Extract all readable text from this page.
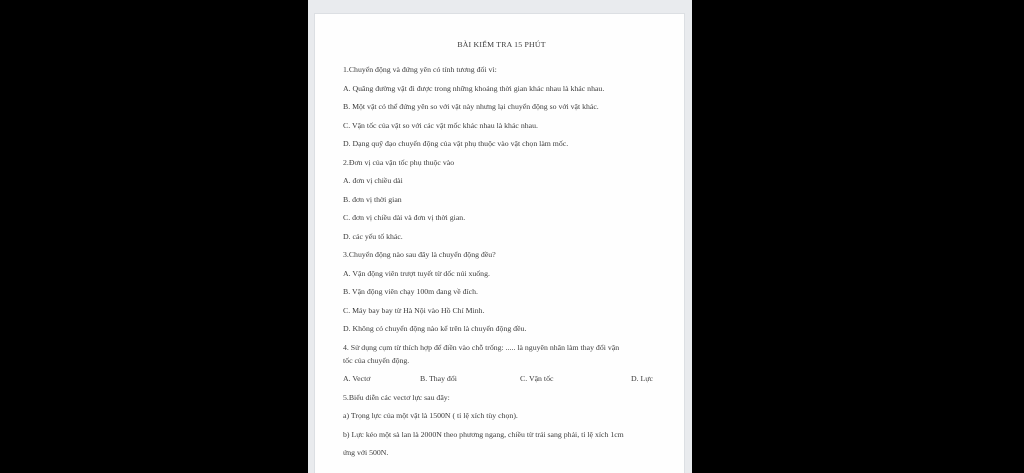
BÀI KIỂM TRA 15 PHÚT
1.Chuyển động và đứng yên có tính tương đối vì:
A. Quãng đường vật đi được trong những khoảng thời gian khác nhau là khác nhau.
B. Một vật có thể đứng yên so với vật này nhưng lại chuyển động so với vật khác.
C. Vận tốc của vật so với các vật mốc khác nhau là khác nhau.
D. Dạng quỹ đạo chuyển động của vật phụ thuộc vào vật chọn làm mốc.
2.Đơn vị của vận tốc phụ thuộc vào
A. đơn vị chiều dài
B. đơn vị thời gian
C. đơn vị chiều dài và đơn vị thời gian.
D. các yếu tố khác.
3.Chuyển động nào sau đây là chuyển động đều?
A. Vận động viên trượt tuyết từ dốc núi xuống.
B. Vận động viên chạy 100m đang về đích.
C. Máy bay bay từ Hà Nội vào Hồ Chí Minh.
D. Không có chuyển động nào kể trên là chuyển động đều.
4. Sử dụng cụm từ thích hợp để điền vào chỗ trống: ..... là nguyên nhân làm thay đổi vận
tốc của chuyển động.
A. Vectơ	B. Thay đổi	C. Vận tốc	D. Lực
5.Biểu diễn các vectơ lực sau đây:
a) Trọng lực của một vật là 1500N ( tỉ lệ xích tùy chọn).
b) Lực kéo một sà lan là 2000N theo phương ngang, chiều từ trái sang phải, tỉ lệ xích 1cm
ứng với 500N.
